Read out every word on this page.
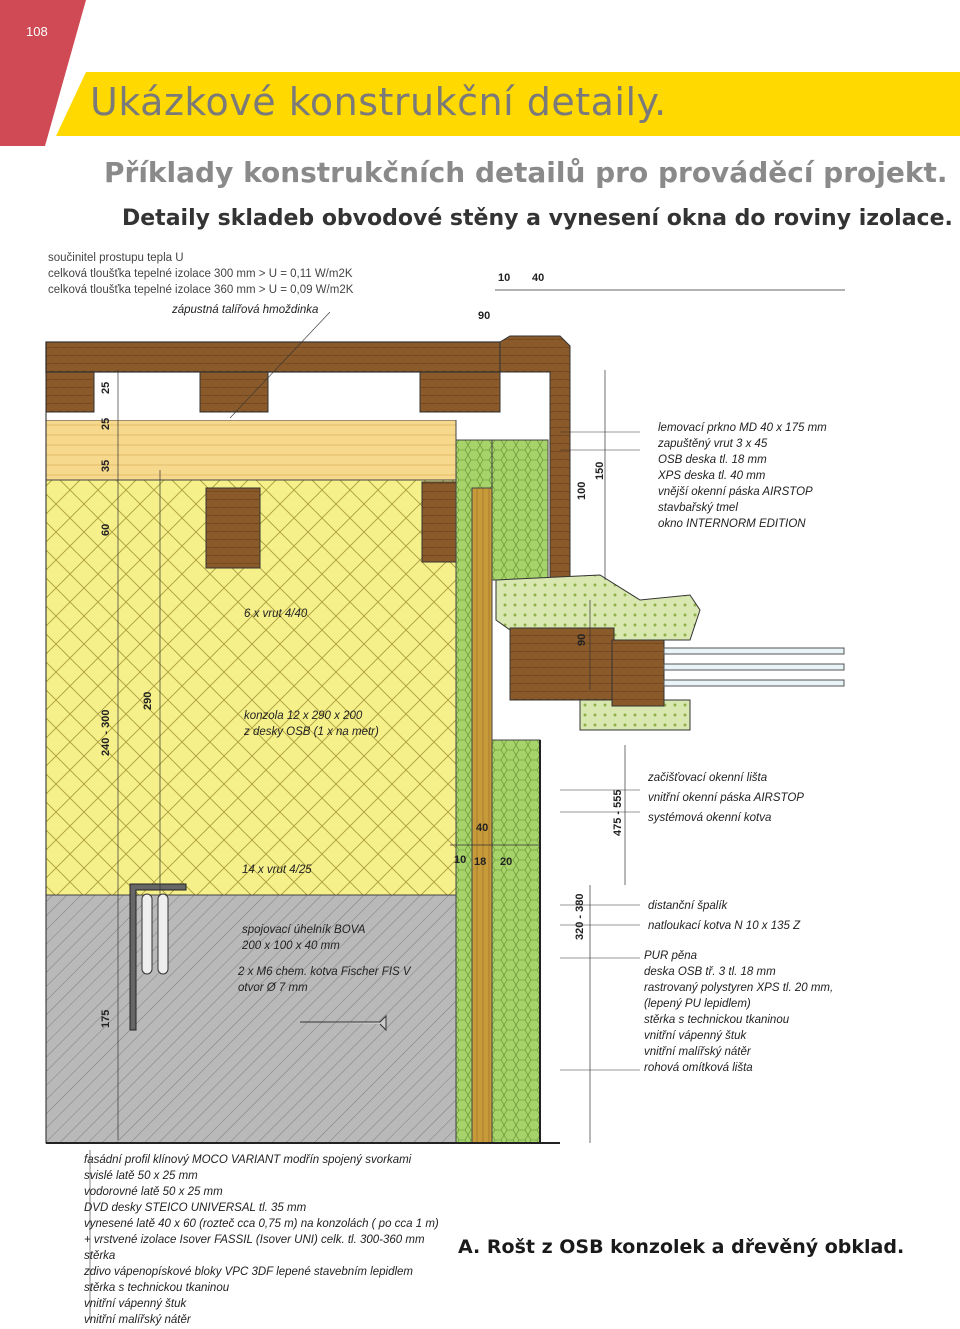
108
Ukázkové konstrukční detaily.
Příklady konstrukčních detailů pro prováděcí projekt.
Detaily skladeb obvodové stěny a vynesení okna do roviny izolace.
součinitel prostupu tepla U
celková tloušťka tepelné izolace 300 mm > U = 0,11 W/m2K
celková tloušťka tepelné izolace 360 mm > U = 0,09 W/m2K
zápustná talířová hmoždinka
10 40
90
25
25
35
60
240 - 300
290
175
100
150
90
475 - 555
320 - 380
40
10 18 20
lemovací prkno MD 40 x 175 mm
zapuštěný vrut 3 x 45
OSB deska tl. 18 mm
XPS deska tl. 40 mm
vnější okenní páska AIRSTOP
stavbařský tmel
okno INTERNORM EDITION
6 x vrut 4/40
konzola 12 x 290 x 200
z desky OSB (1 x na metr)
začišťovací okenní lišta
vnitřní okenní páska AIRSTOP
systémová okenní kotva
14 x vrut 4/25
spojovací úhelník BOVA
200 x 100 x 40 mm
2 x M6 chem. kotva Fischer FIS V
otvor Ø 7 mm
distanční špalík
natloukací kotva N 10 x 135 Z
PUR pěna
deska OSB tř. 3 tl. 18 mm
rastrovaný polystyren XPS tl. 20 mm,
(lepený PU lepidlem)
stěrka s technickou tkaninou
vnitřní vápenný štuk
vnitřní malířský nátěr
rohová omítková lišta
fasádní profil klínový MOCO VARIANT modřín spojený svorkami
svislé latě 50 x 25 mm
vodorovné latě 50 x 25 mm
DVD desky STEICO UNIVERSAL tl. 35 mm
vynesené latě 40 x 60 (rozteč cca 0,75 m) na konzolách ( po cca 1 m)
+ vrstvené izolace Isover FASSIL (Isover UNI) celk. tl. 300-360 mm
stěrka
zdivo vápenopískové bloky VPC 3DF lepené stavebním lepidlem
stěrka s technickou tkaninou
vnitřní vápenný štuk
vnitřní malířský nátěr
A. Rošt z OSB konzolek a dřevěný obklad.
